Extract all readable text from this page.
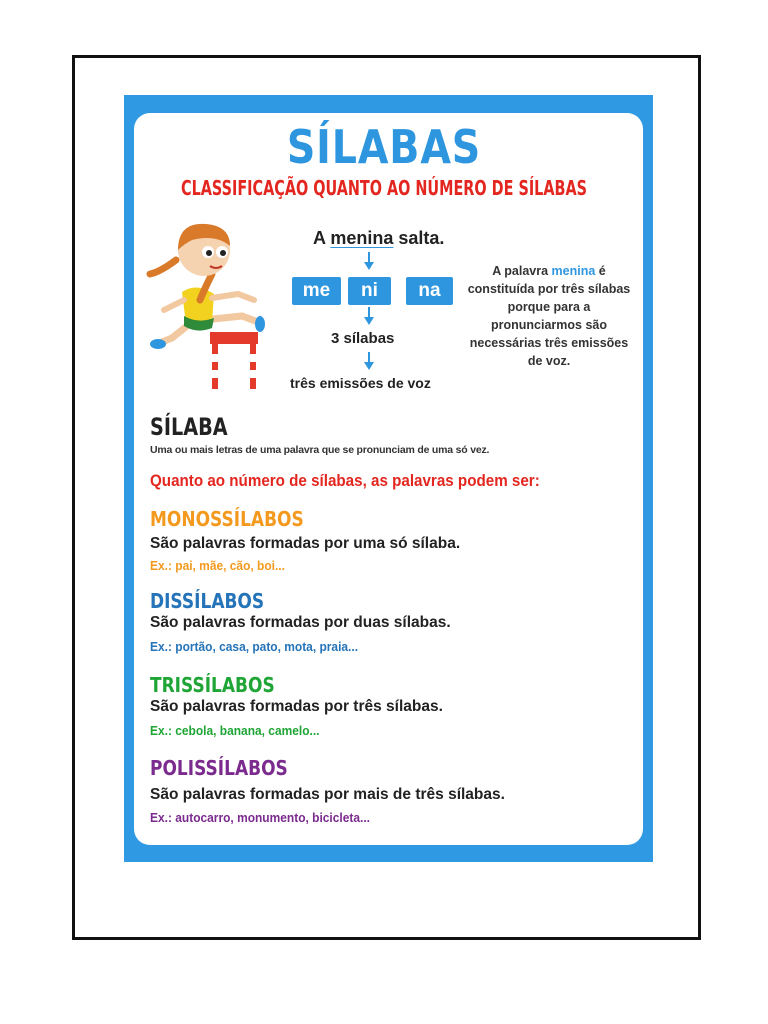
SÍLABAS
CLASSIFICAÇÃO QUANTO AO NÚMERO DE SÍLABAS
A menina salta.
me	ni	na
3 sílabas
três emissões de voz
A palavra menina é constituída por três sílabas porque para a pronunciarmos são necessárias três emissões de voz.
SÍLABA
Uma ou mais letras de uma palavra que se pronunciam de uma só vez.
Quanto ao número de sílabas, as palavras podem ser:
MONOSSÍLABOS
São palavras formadas por uma só sílaba.
Ex.: pai, mãe, cão, boi...
DISSÍLABOS
São palavras formadas por duas sílabas.
Ex.: portão, casa, pato, mota, praia...
TRISSÍLABOS
São palavras formadas por três sílabas.
Ex.: cebola, banana, camelo...
POLISSÍLABOS
São palavras formadas por mais de três sílabas.
Ex.: autocarro, monumento, bicicleta...
